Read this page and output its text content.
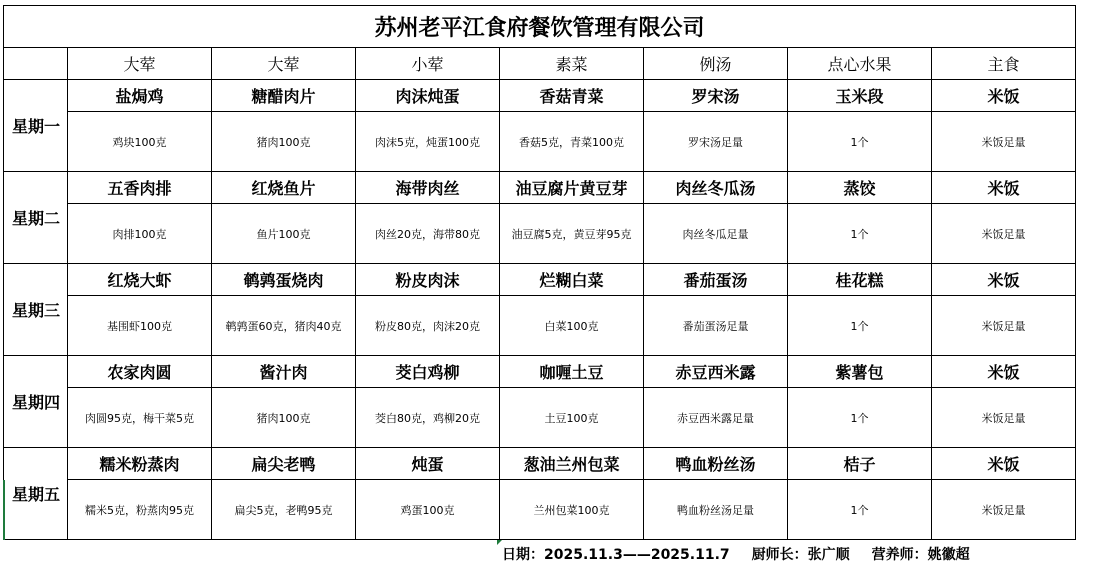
苏州老平江食府餐饮管理有限公司							
	大荤	大荤	小荤	素菜	例汤	点心水果	主食
星期一	盐焗鸡	糖醋肉片	肉沫炖蛋	香菇青菜	罗宋汤	玉米段	米饭
	鸡块100克	猪肉100克	肉沫5克，炖蛋100克	香菇5克，青菜100克	罗宋汤足量	1个	米饭足量
星期二	五香肉排	红烧鱼片	海带肉丝	油豆腐片黄豆芽	肉丝冬瓜汤	蒸饺	米饭
	肉排100克	鱼片100克	肉丝20克，海带80克	油豆腐5克，黄豆芽95克	肉丝冬瓜足量	1个	米饭足量
星期三	红烧大虾	鹌鹑蛋烧肉	粉皮肉沫	烂糊白菜	番茄蛋汤	桂花糕	米饭
	基围虾100克	鹌鹑蛋60克，猪肉40克	粉皮80克，肉沫20克	白菜100克	番茄蛋汤足量	1个	米饭足量
星期四	农家肉圆	酱汁肉	茭白鸡柳	咖喱土豆	赤豆西米露	紫薯包	米饭
	肉圆95克，梅干菜5克	猪肉100克	茭白80克，鸡柳20克	土豆100克	赤豆西米露足量	1个	米饭足量
星期五	糯米粉蒸肉	扁尖老鸭	炖蛋	葱油兰州包菜	鸭血粉丝汤	桔子	米饭
	糯米5克，粉蒸肉95克	扁尖5克，老鸭95克	鸡蛋100克	兰州包菜100克	鸭血粉丝汤足量	1个	米饭足量
日期：2025.11.3——2025.11.7 厨师长：张广顺 营养师：姚徽超
